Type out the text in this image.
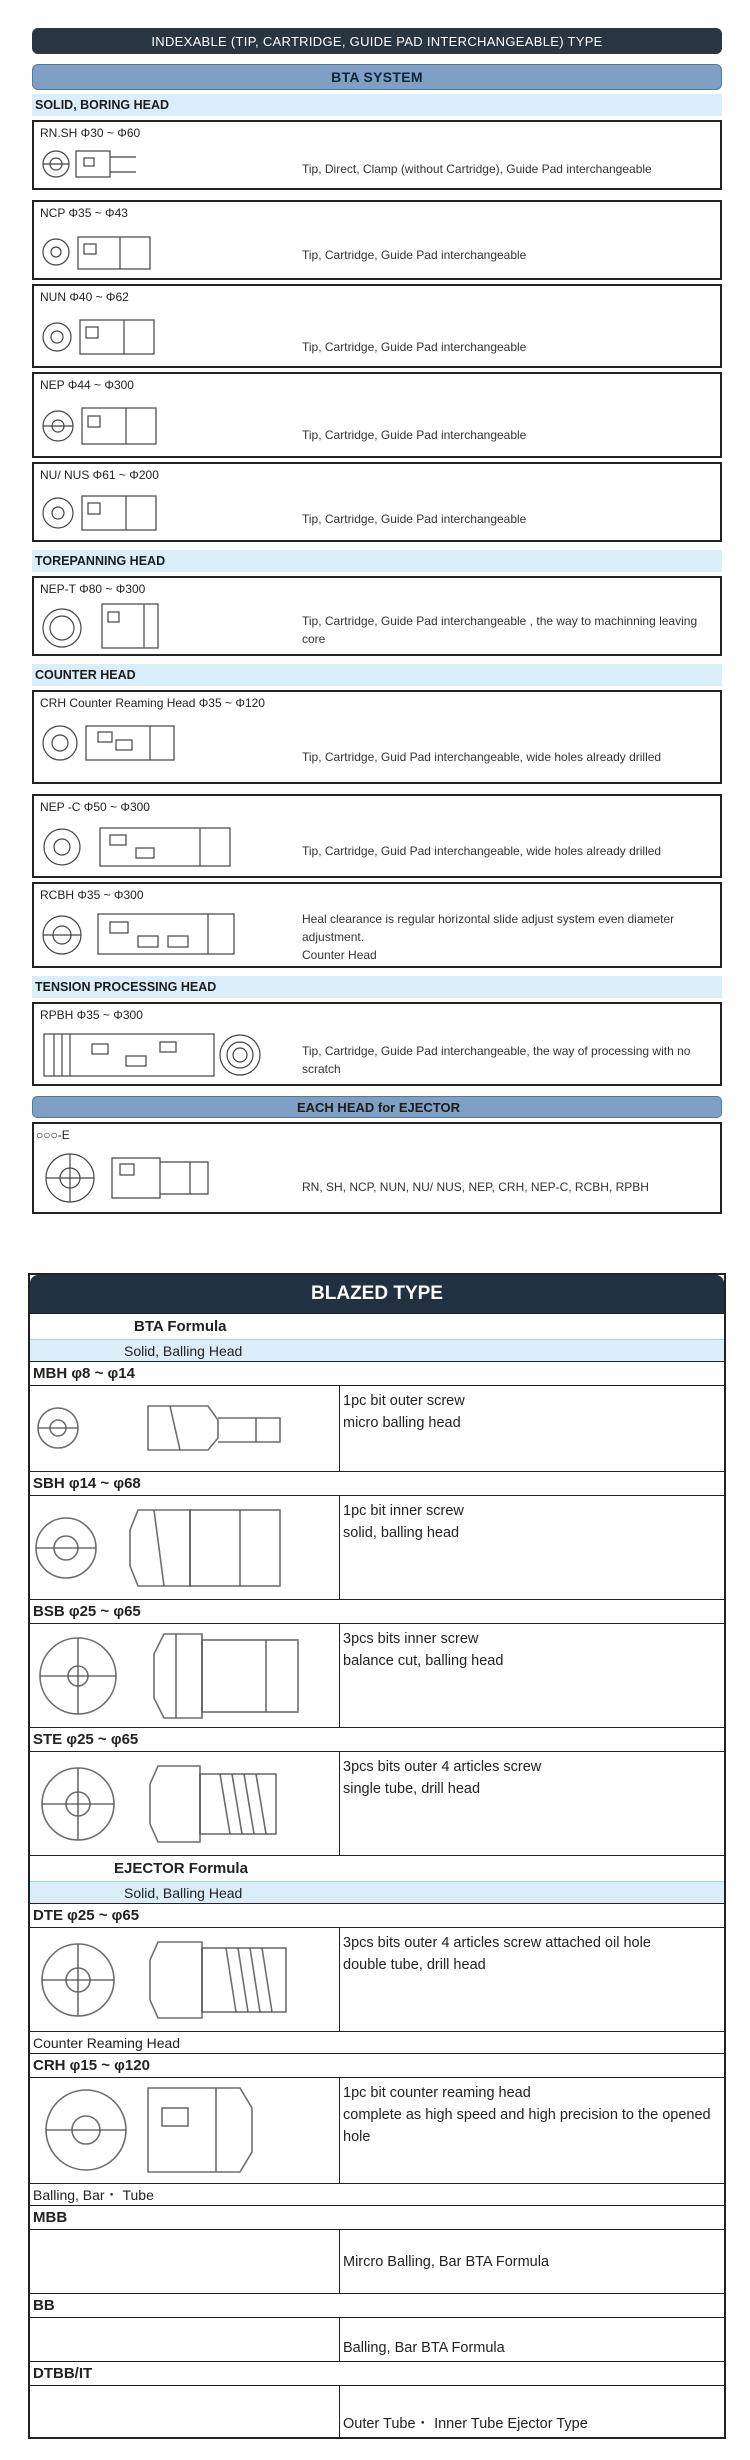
INDEXABLE (TIP, CARTRIDGE, GUIDE PAD INTERCHANGEABLE) TYPE
BTA SYSTEM
SOLID, BORING HEAD
RN.SH Φ30 ~ Φ60
Tip, Direct, Clamp (without Cartridge), Guide Pad interchangeable
NCP Φ35 ~ Φ43
Tip, Cartridge, Guide Pad interchangeable
NUN Φ40 ~ Φ62
Tip, Cartridge, Guide Pad interchangeable
NEP Φ44 ~ Φ300
Tip, Cartridge, Guide Pad interchangeable
NU/ NUS Φ61 ~ Φ200
Tip, Cartridge, Guide Pad interchangeable
TOREPANNING HEAD
NEP-T Φ80 ~ Φ300
Tip, Cartridge, Guide Pad interchangeable , the way to machinning leaving core
COUNTER HEAD
CRH Counter Reaming Head Φ35 ~ Φ120
Tip, Cartridge, Guid Pad interchangeable, wide holes already drilled
NEP -C Φ50 ~ Φ300
Tip, Cartridge, Guid Pad interchangeable, wide holes already drilled
RCBH Φ35 ~ Φ300
Heal clearance is regular horizontal slide adjust system even diameter adjustment.
Counter Head
TENSION PROCESSING HEAD
RPBH Φ35 ~ Φ300
Tip, Cartridge, Guide Pad interchangeable, the way of processing with no scratch
EACH HEAD for EJECTOR
○○○-E
RN, SH, NCP, NUN, NU/ NUS, NEP, CRH, NEP-C, RCBH, RPBH
BLAZED TYPE
BTA Formula
Solid, Balling Head
MBH φ8 ~ φ14
1pc bit outer screw
micro balling head
SBH φ14 ~ φ68
1pc bit inner screw
solid, balling head
BSB φ25 ~ φ65
3pcs bits inner screw
balance cut, balling head
STE φ25 ~ φ65
3pcs bits outer 4 articles screw
single tube, drill head
EJECTOR Formula
Solid, Balling Head
DTE φ25 ~ φ65
3pcs bits outer 4 articles screw attached oil hole
double tube, drill head
Counter Reaming Head
CRH φ15 ~ φ120
1pc bit counter reaming head
complete as high speed and high precision to the opened hole
Balling, Bar・ Tube
MBB
Mircro Balling, Bar BTA Formula
BB
Balling, Bar BTA Formula
DTBB/IT
Outer Tube・ Inner Tube Ejector Type
